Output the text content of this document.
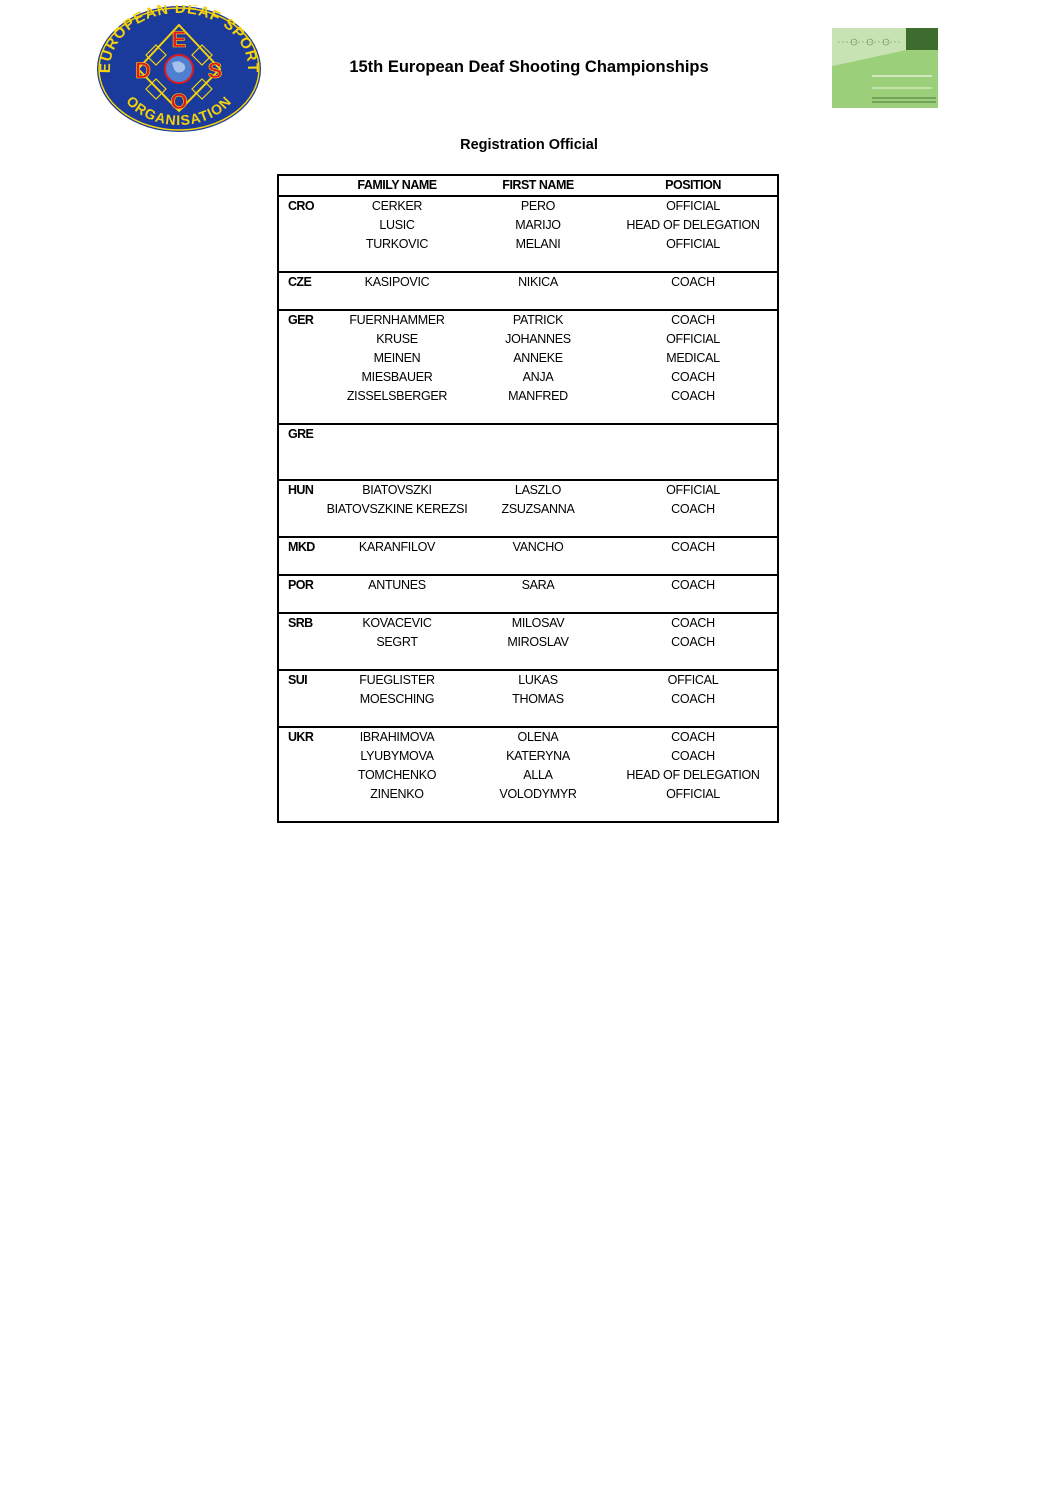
EUROPEAN DEAF SPORT
ORGANISATION
E
D	S
O
15th European Deaf Shooting Championships
Registration Official
FAMILY NAME	FIRST NAME	POSITION
CRO	CERKER	PERO	OFFICIAL
LUSIC	MARIJO	HEAD OF DELEGATION
TURKOVIC	MELANI	OFFICIAL
CZE	KASIPOVIC	NIKICA	COACH
GER	FUERNHAMMER	PATRICK	COACH
KRUSE	JOHANNES	OFFICIAL
MEINEN	ANNEKE	MEDICAL
MIESBAUER	ANJA	COACH
ZISSELSBERGER	MANFRED	COACH
GRE
HUN	BIATOVSZKI	LASZLO	OFFICIAL
BIATOVSZKINE KEREZSI	ZSUZSANNA	COACH
MKD	KARANFILOV	VANCHO	COACH
POR	ANTUNES	SARA	COACH
SRB	KOVACEVIC	MILOSAV	COACH
SEGRT	MIROSLAV	COACH
SUI	FUEGLISTER	LUKAS	OFFICAL
MOESCHING	THOMAS	COACH
UKR	IBRAHIMOVA	OLENA	COACH
LYUBYMOVA	KATERYNA	COACH
TOMCHENKO	ALLA	HEAD OF DELEGATION
ZINENKO	VOLODYMYR	OFFICIAL
